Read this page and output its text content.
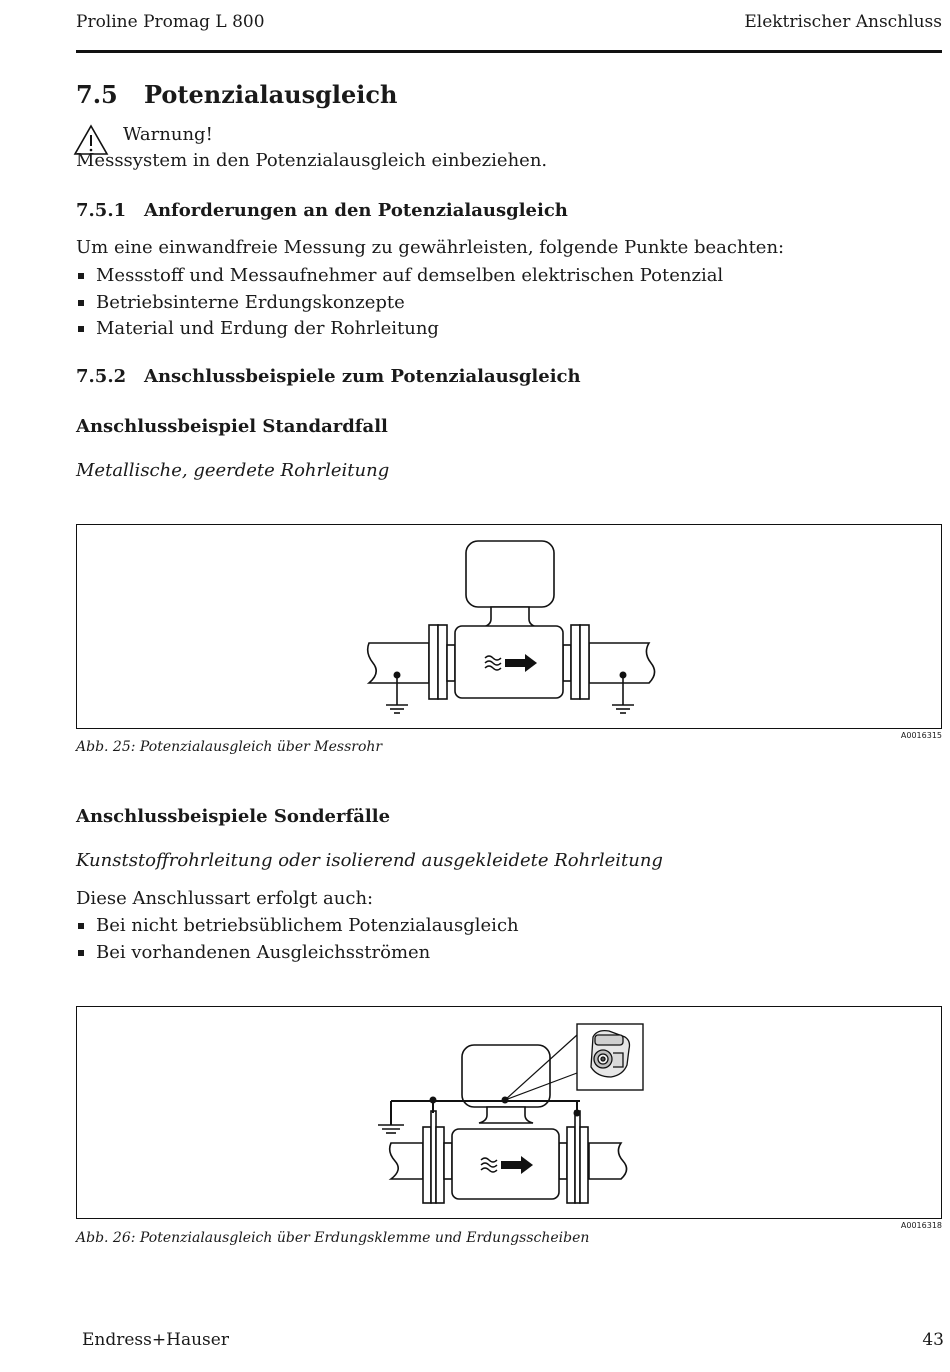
Proline Promag L 800	Elektrischer Anschluss
7.5 Potenzialausgleich
Warnung!
Messsystem in den Potenzialausgleich einbeziehen.
7.5.1 Anforderungen an den Potenzialausgleich
Um eine einwandfreie Messung zu gewährleisten, folgende Punkte beachten:
Messstoff und Messaufnehmer auf demselben elektrischen Potenzial
Betriebsinterne Erdungskonzepte
Material und Erdung der Rohrleitung
7.5.2 Anschlussbeispiele zum Potenzialausgleich
Anschlussbeispiel Standardfall
Metallische, geerdete Rohrleitung
A0016315
Abb. 25: Potenzialausgleich über Messrohr
Anschlussbeispiele Sonderfälle
Kunststoffrohrleitung oder isolierend ausgekleidete Rohrleitung
Diese Anschlussart erfolgt auch:
Bei nicht betriebsüblichem Potenzialausgleich
Bei vorhandenen Ausgleichsströmen
A0016318
Abb. 26: Potenzialausgleich über Erdungsklemme und Erdungsscheiben
Endress+Hauser	43
